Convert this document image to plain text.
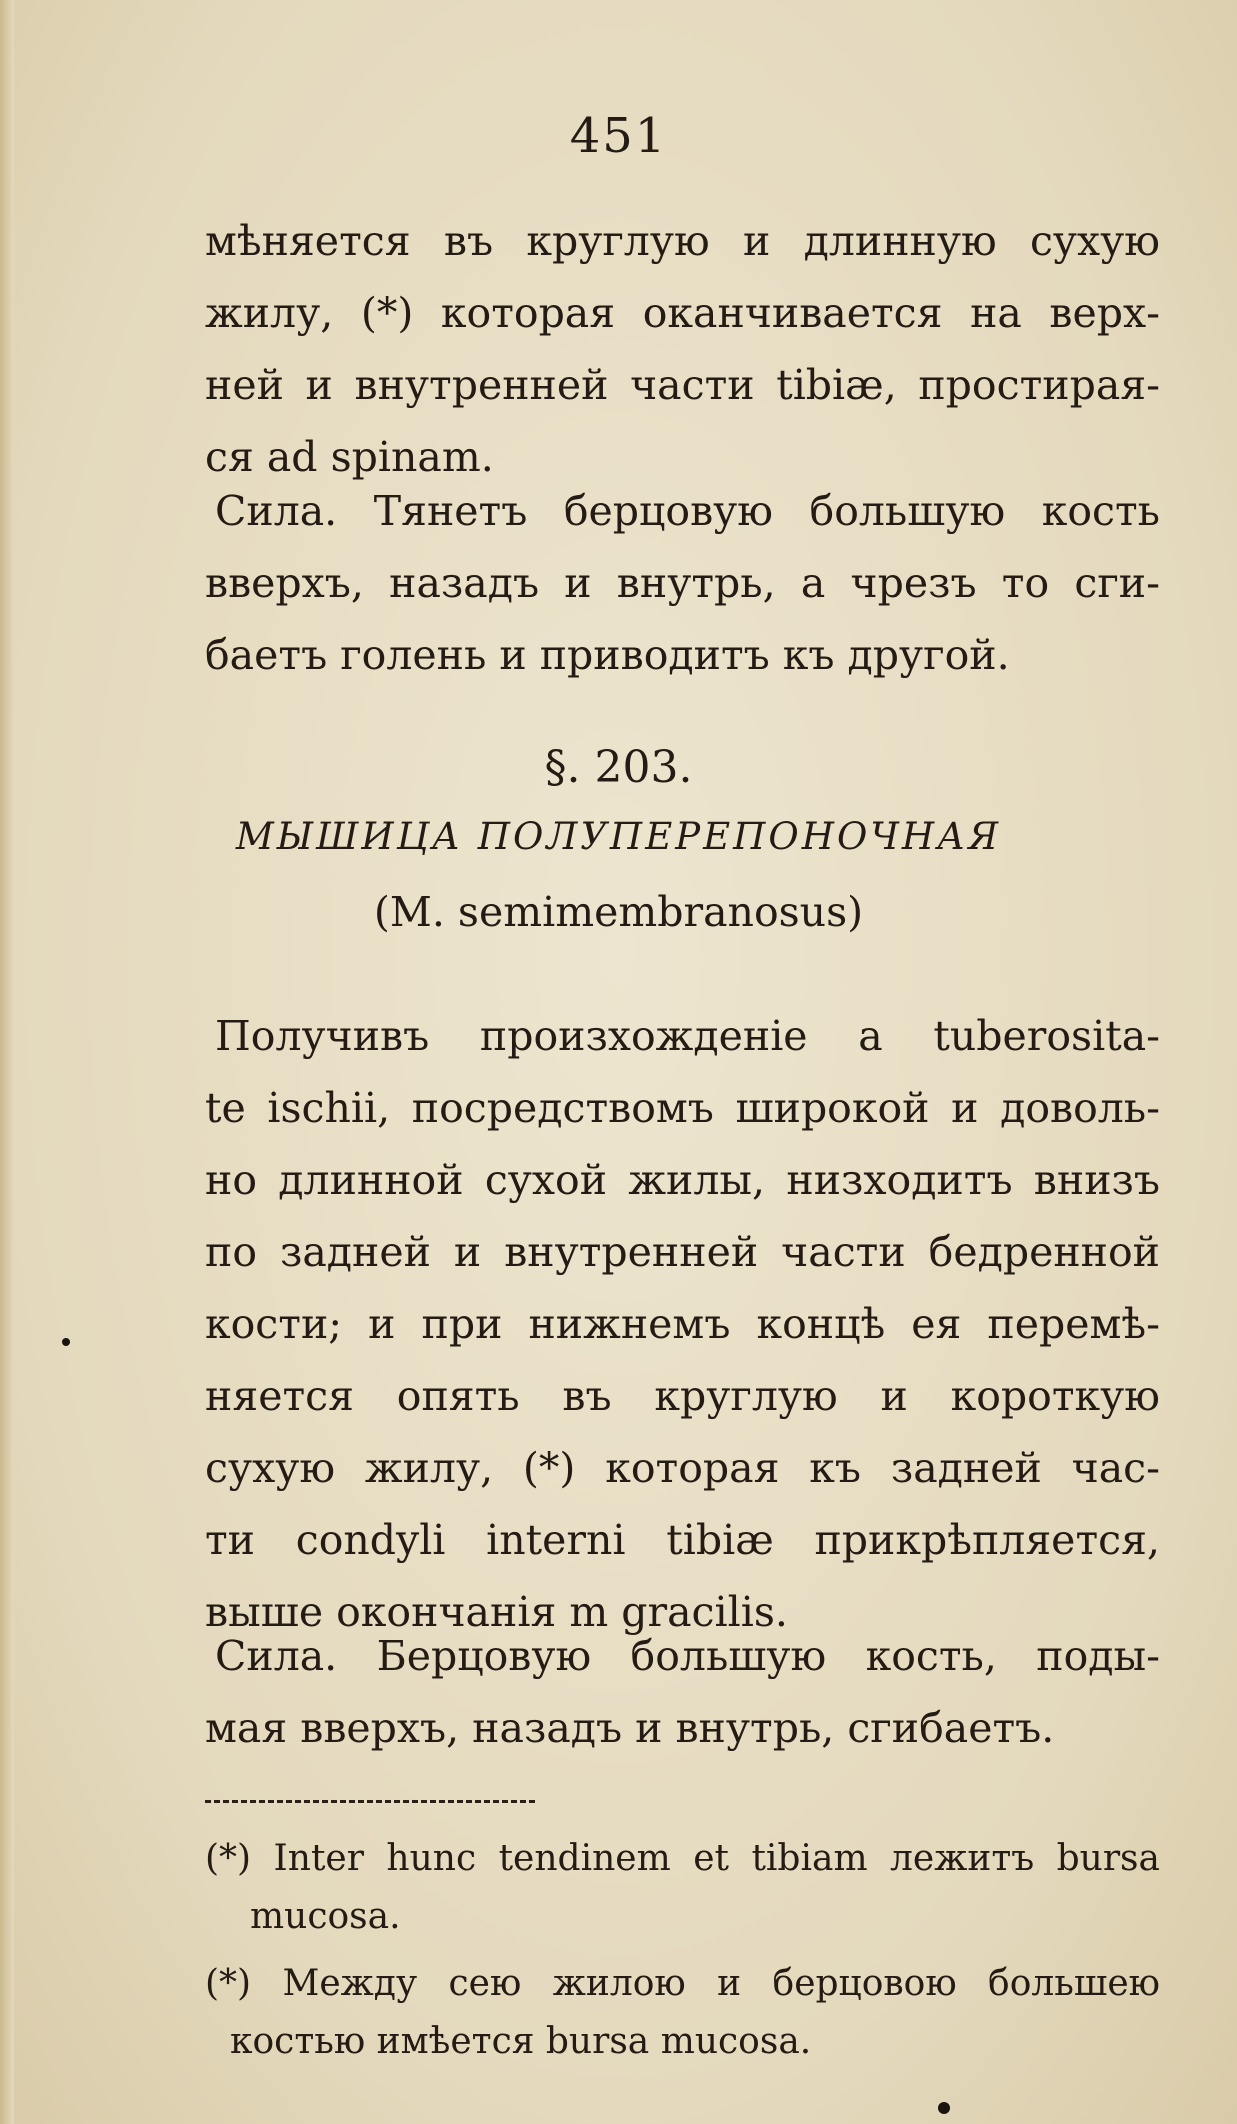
451
мѣняется въ круглую и длинную сухую
жилу, (*) которая оканчивается на верх-
ней и внутренней части tibiæ, простирая-
ся ad spinam.
Сила. Тянетъ берцовую большую кость
вверхъ, назадъ и внутрь, а чрезъ то сги-
баетъ голень и приводитъ къ другой.
§. 203.
МЫШИЦА ПОЛУПЕРЕПОНОЧНАЯ
(M. semimembranosus)
Получивъ произхожденіе a tuberosita-
te ischii, посредствомъ широкой и доволь-
но длинной сухой жилы, низходитъ внизъ
по задней и внутренней части бедренной
кости; и при нижнемъ концѣ ея перемѣ-
няется опять въ круглую и короткую
сухую жилу, (*) которая къ задней час-
ти condyli interni tibiæ прикрѣпляется,
выше окончанія m gracilis.
Сила. Берцовую большую кость, поды-
мая вверхъ, назадъ и внутрь, сгибаетъ.
(*) Inter hunc tendinem et tibiam лежитъ bursa
mucosa.
(*) Между сею жилою и берцовою большею
костью имѣется bursa mucosa.
